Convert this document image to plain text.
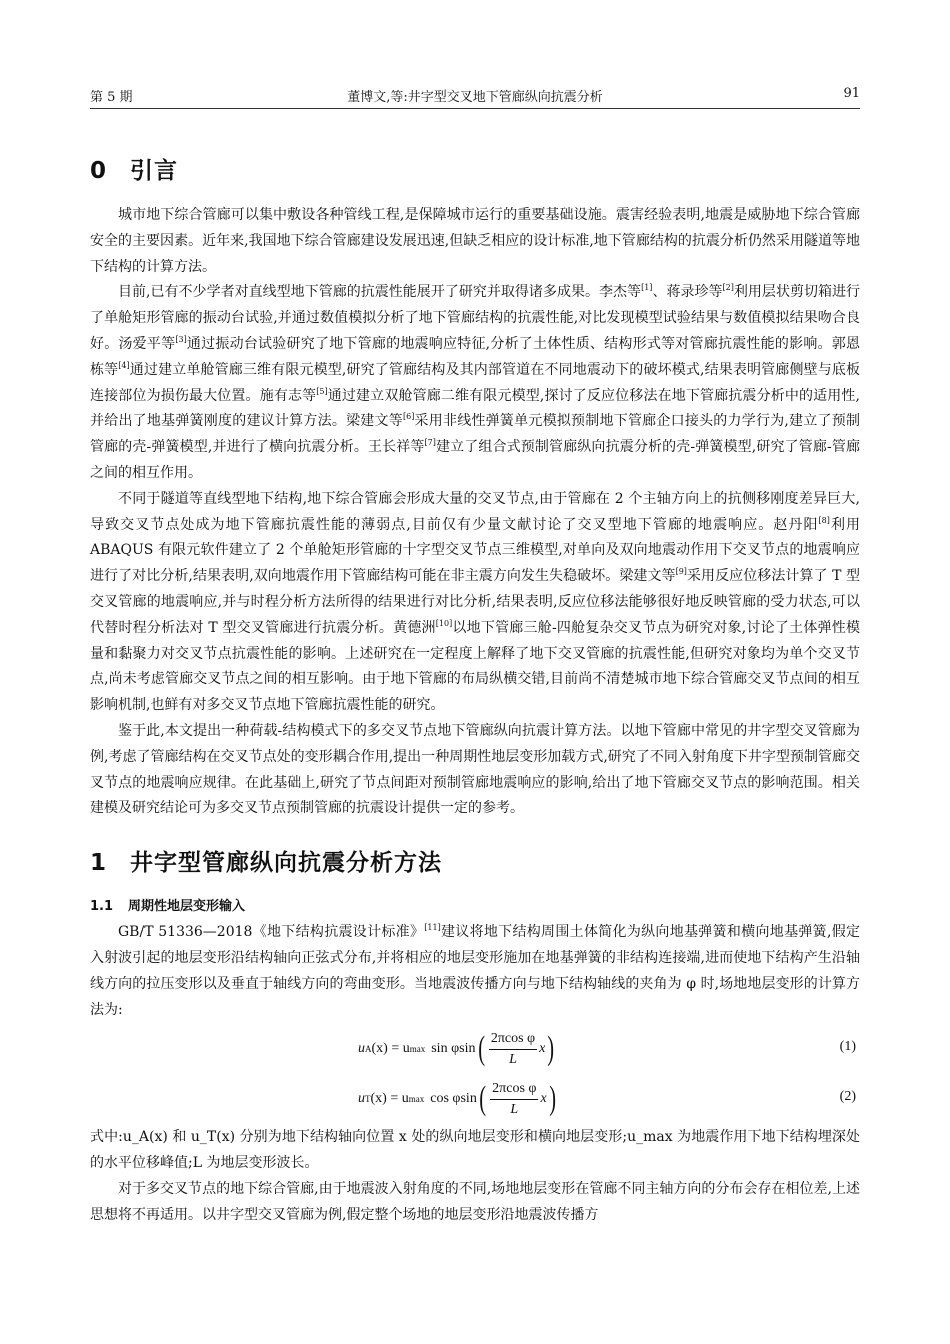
第 5 期	董博文,等:井字型交叉地下管廊纵向抗震分析	91
0 引言

城市地下综合管廊可以集中敷设各种管线工程,是保障城市运行的重要基础设施。震害经验表明,地震是威胁地下综合管廊安全的主要因素。近年来,我国地下综合管廊建设发展迅速,但缺乏相应的设计标准,地下管廊结构的抗震分析仍然采用隧道等地下结构的计算方法。

目前,已有不少学者对直线型地下管廊的抗震性能展开了研究并取得诸多成果。李杰等[1]、蒋录珍等[2]利用层状剪切箱进行了单舱矩形管廊的振动台试验,并通过数值模拟分析了地下管廊结构的抗震性能,对比发现模型试验结果与数值模拟结果吻合良好。汤爱平等[3]通过振动台试验研究了地下管廊的地震响应特征,分析了土体性质、结构形式等对管廊抗震性能的影响。郭恩栋等[4]通过建立单舱管廊三维有限元模型,研究了管廊结构及其内部管道在不同地震动下的破坏模式,结果表明管廊侧壁与底板连接部位为损伤最大位置。施有志等[5]通过建立双舱管廊二维有限元模型,探讨了反应位移法在地下管廊抗震分析中的适用性,并给出了地基弹簧刚度的建议计算方法。梁建文等[6]采用非线性弹簧单元模拟预制地下管廊企口接头的力学行为,建立了预制管廊的壳-弹簧模型,并进行了横向抗震分析。王长祥等[7]建立了组合式预制管廊纵向抗震分析的壳-弹簧模型,研究了管廊-管廊之间的相互作用。

不同于隧道等直线型地下结构,地下综合管廊会形成大量的交叉节点,由于管廊在 2 个主轴方向上的抗侧移刚度差异巨大,导致交叉节点处成为地下管廊抗震性能的薄弱点,目前仅有少量文献讨论了交叉型地下管廊的地震响应。赵丹阳[8]利用 ABAQUS 有限元软件建立了 2 个单舱矩形管廊的十字型交叉节点三维模型,对单向及双向地震动作用下交叉节点的地震响应进行了对比分析,结果表明,双向地震作用下管廊结构可能在非主震方向发生失稳破坏。梁建文等[9]采用反应位移法计算了 T 型交叉管廊的地震响应,并与时程分析方法所得的结果进行对比分析,结果表明,反应位移法能够很好地反映管廊的受力状态,可以代替时程分析法对 T 型交叉管廊进行抗震分析。黄德洲[10]以地下管廊三舱-四舱复杂交叉节点为研究对象,讨论了土体弹性模量和黏聚力对交叉节点抗震性能的影响。上述研究在一定程度上解释了地下交叉管廊的抗震性能,但研究对象均为单个交叉节点,尚未考虑管廊交叉节点之间的相互影响。由于地下管廊的布局纵横交错,目前尚不清楚城市地下综合管廊交叉节点间的相互影响机制,也鲜有对多交叉节点地下管廊抗震性能的研究。

鉴于此,本文提出一种荷载-结构模式下的多交叉节点地下管廊纵向抗震计算方法。以地下管廊中常见的井字型交叉管廊为例,考虑了管廊结构在交叉节点处的变形耦合作用,提出一种周期性地层变形加载方式,研究了不同入射角度下井字型预制管廊交叉节点的地震响应规律。在此基础上,研究了节点间距对预制管廊地震响应的影响,给出了地下管廊交叉节点的影响范围。相关建模及研究结论可为多交叉节点预制管廊的抗震设计提供一定的参考。

1 井字型管廊纵向抗震分析方法
1.1 周期性地层变形输入

GB/T 51336—2018《地下结构抗震设计标准》[11]建议将地下结构周围土体简化为纵向地基弹簧和横向地基弹簧,假定入射波引起的地层变形沿结构轴向正弦式分布,并将相应的地层变形施加在地基弹簧的非结构连接端,进而使地下结构产生沿轴线方向的拉压变形以及垂直于轴线方向的弯曲变形。当地震波传播方向与地下结构轴线的夹角为 φ 时,场地地层变形的计算方法为:

u A (x) = u max sin φsin ( $\frac{\text{2πcos φ}}{L}$ x )	(1)
u T (x) = u max cos φsin ( $\frac{\text{2πcos φ}}{L}$ x )	(2)

式中:u_A(x) 和 u_T(x) 分别为地下结构轴向位置 x 处的纵向地层变形和横向地层变形;u_max 为地震作用下地下结构埋深处的水平位移峰值;L 为地层变形波长。

对于多交叉节点的地下综合管廊,由于地震波入射角度的不同,场地地层变形在管廊不同主轴方向的分布会存在相位差,上述思想将不再适用。以井字型交叉管廊为例,假定整个场地的地层变形沿地震波传播方
